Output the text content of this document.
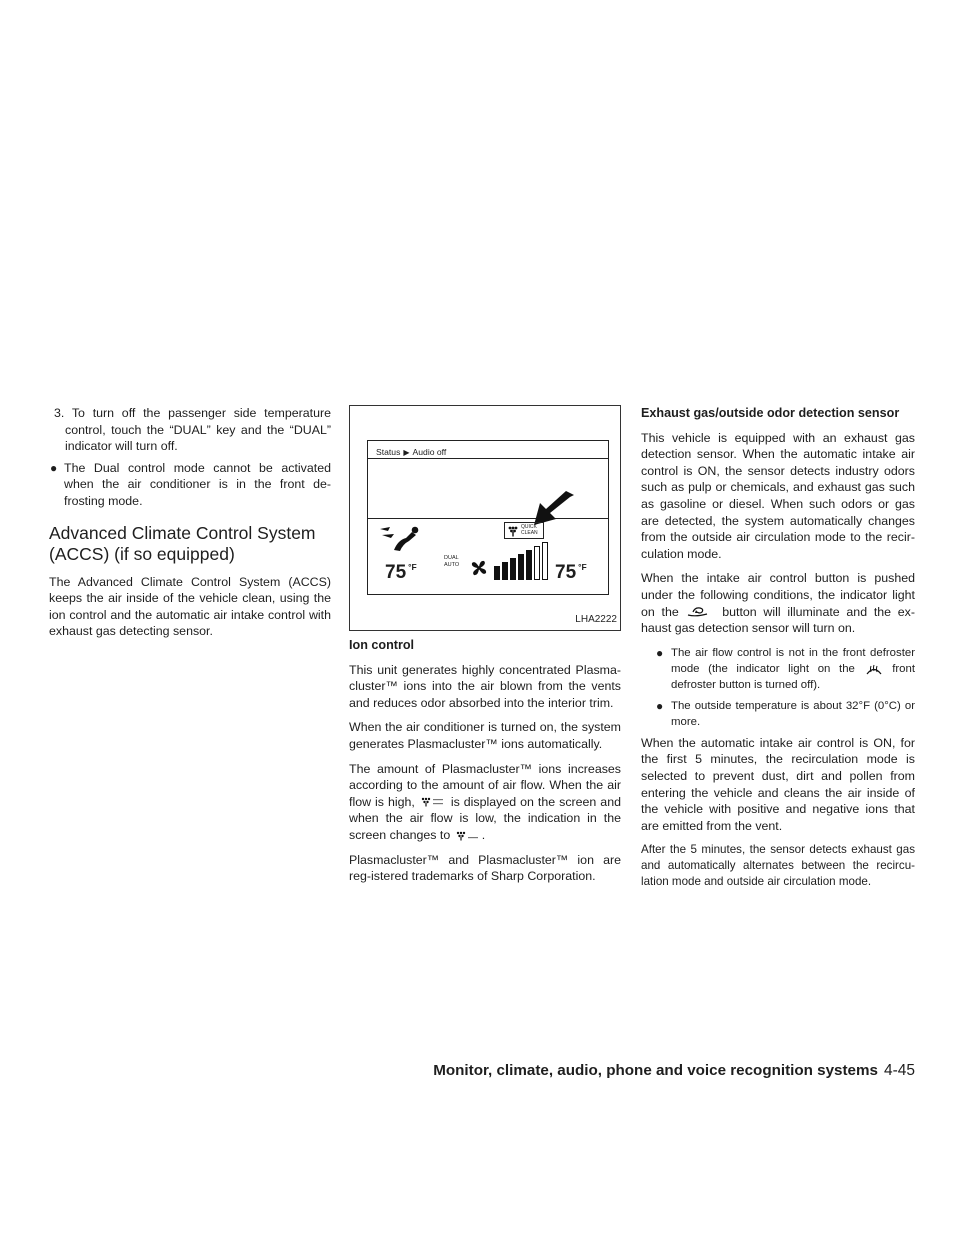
3. To turn off the passenger side temperature control, touch the “DUAL” key and the “DUAL” indicator will turn off.

● The Dual control mode cannot be activated when the air conditioner is in the front de-frosting mode.
Advanced Climate Control System
(ACCS) (if so equipped)

The Advanced Climate Control System (ACCS) keeps the air inside of the vehicle clean, using the ion control and the automatic air intake control with exhaust gas detecting sensor.

Status ▶ Audio off
QUICK
CLEAN
75 $^{^\circ F}$	75 $^{^\circ F}$
DUAL
AUTO
LHA2222
Ion control

This unit generates highly concentrated Plasma-cluster™ ions into the air blown from the vents and reduces odor absorbed into the interior trim.

When the air conditioner is turned on, the system generates Plasmacluster™ ions automatically.

The amount of Plasmacluster™ ions increases according to the amount of air flow. When the air flow is high,	is displayed on the screen and when the air flow is low, the indication in the screen changes to	.

Plasmacluster™ and Plasmacluster™ ion are reg-istered trademarks of Sharp Corporation.

Exhaust gas/outside odor detection sensor

This vehicle is equipped with an exhaust gas detection sensor. When the automatic intake air control is ON, the sensor detects industry odors such as pulp or chemicals, and exhaust gas such as gasoline or diesel. When such odors or gas are detected, the system automatically changes from the outside air circulation mode to the recir-culation mode.

When the intake air control button is pushed under the following conditions, the indicator light on the	button will illuminate and the ex-haust gas detection sensor will turn on.

● The air flow control is not in the front defroster mode (the indicator light on the	front defroster button is turned off).
● The outside temperature is about 32°F (0°C) or more.

When the automatic intake air control is ON, for the first 5 minutes, the recirculation mode is selected to prevent dust, dirt and pollen from entering the vehicle and cleans the air inside of the vehicle with positive and negative ions that are emitted from the vent.

After the 5 minutes, the sensor detects exhaust gas and automatically alternates between the recircu-lation mode and outside air circulation mode.

Monitor, climate, audio, phone and voice recognition systems 4-45
